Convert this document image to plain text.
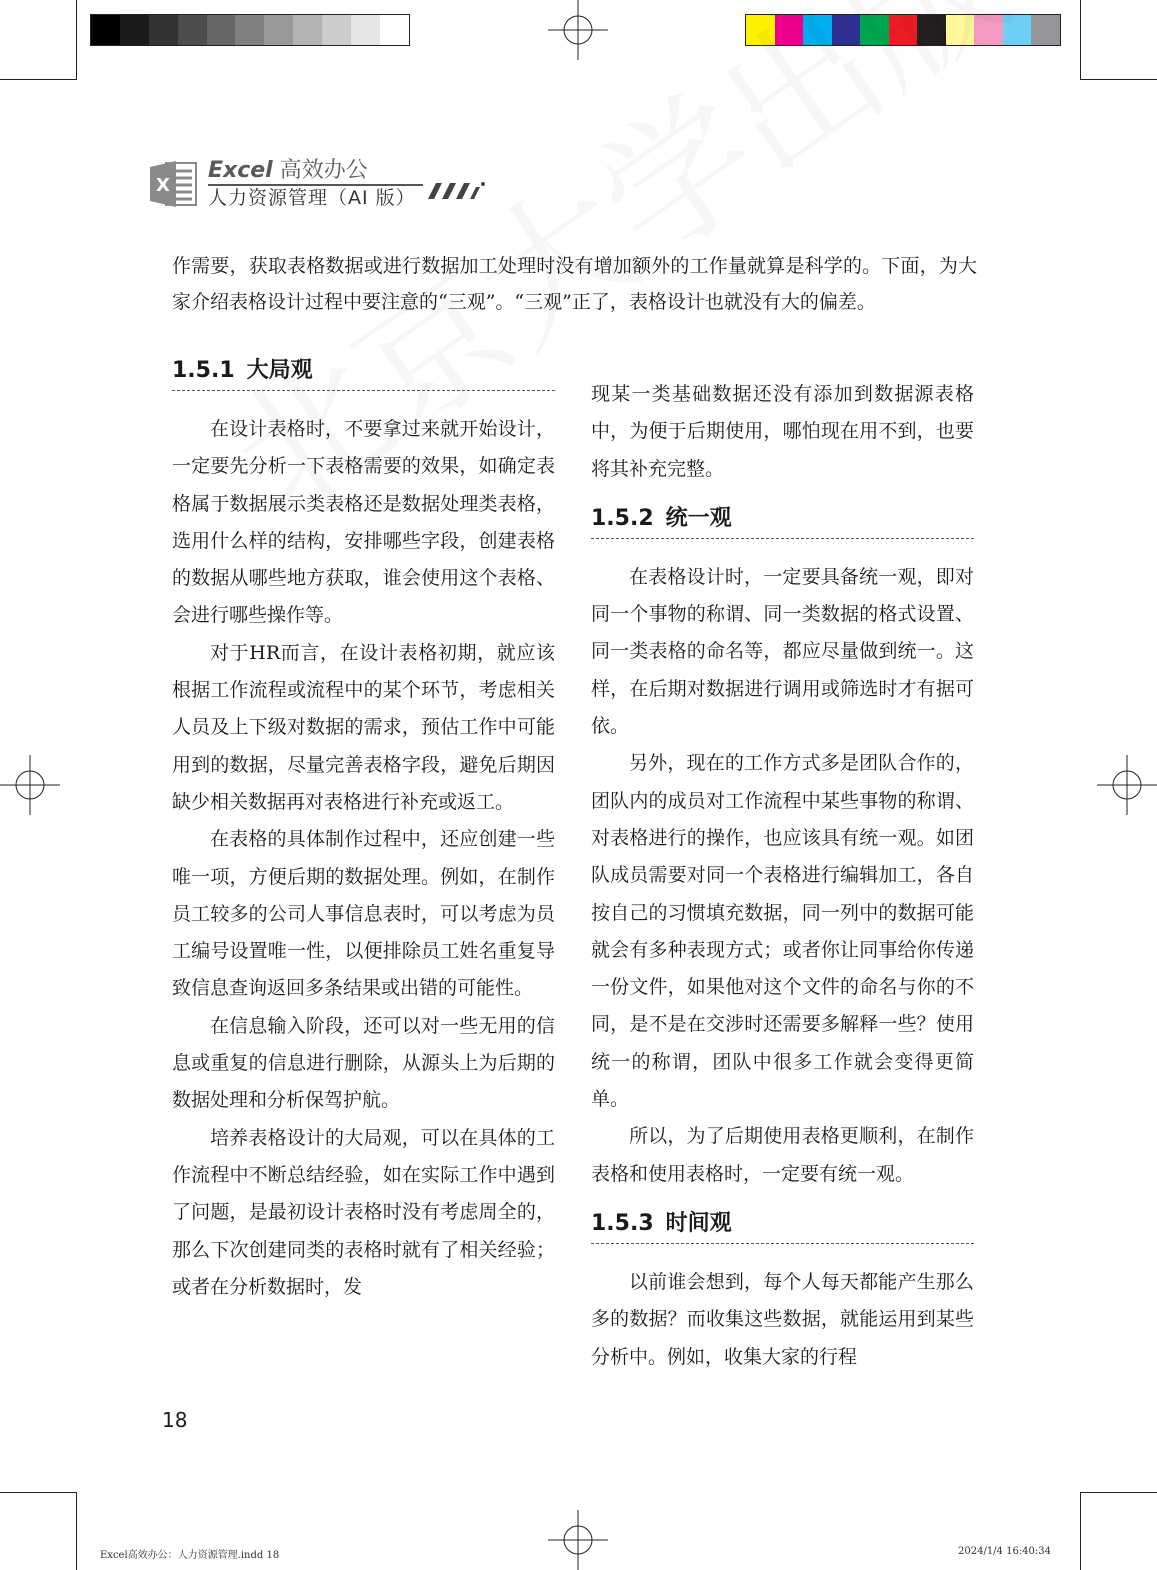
X
Excel 高效办公
人力资源管理（AI 版）
作需要，获取表格数据或进行数据加工处理时没有增加额外的工作量就算是科学的。下面，为大家介绍表格设计过程中要注意的“三观”。“三观”正了，表格设计也就没有大的偏差。
1.5.1 大局观

在设计表格时，不要拿过来就开始设计，一定要先分析一下表格需要的效果，如确定表格属于数据展示类表格还是数据处理类表格，选用什么样的结构，安排哪些字段，创建表格的数据从哪些地方获取，谁会使用这个表格、会进行哪些操作等。

对于HR而言，在设计表格初期，就应该根据工作流程或流程中的某个环节，考虑相关人员及上下级对数据的需求，预估工作中可能用到的数据，尽量完善表格字段，避免后期因缺少相关数据再对表格进行补充或返工。

在表格的具体制作过程中，还应创建一些唯一项，方便后期的数据处理。例如，在制作员工较多的公司人事信息表时，可以考虑为员工编号设置唯一性，以便排除员工姓名重复导致信息查询返回多条结果或出错的可能性。

在信息输入阶段，还可以对一些无用的信息或重复的信息进行删除，从源头上为后期的数据处理和分析保驾护航。

培养表格设计的大局观，可以在具体的工作流程中不断总结经验，如在实际工作中遇到了问题，是最初设计表格时没有考虑周全的，那么下次创建同类的表格时就有了相关经验；或者在分析数据时，发

现某一类基础数据还没有添加到数据源表格中，为便于后期使用，哪怕现在用不到，也要将其补充完整。

1.5.2 统一观

在表格设计时，一定要具备统一观，即对同一个事物的称谓、同一类数据的格式设置、同一类表格的命名等，都应尽量做到统一。这样，在后期对数据进行调用或筛选时才有据可依。

另外，现在的工作方式多是团队合作的，团队内的成员对工作流程中某些事物的称谓、对表格进行的操作，也应该具有统一观。如团队成员需要对同一个表格进行编辑加工，各自按自己的习惯填充数据，同一列中的数据可能就会有多种表现方式；或者你让同事给你传递一份文件，如果他对这个文件的命名与你的不同，是不是在交涉时还需要多解释一些？使用统一的称谓，团队中很多工作就会变得更简单。

所以，为了后期使用表格更顺利，在制作表格和使用表格时，一定要有统一观。

1.5.3 时间观

以前谁会想到，每个人每天都能产生那么多的数据？而收集这些数据，就能运用到某些分析中。例如，收集大家的行程

18
Excel高效办公：人力资源管理.indd 18	2024/1/4 16:40:34
